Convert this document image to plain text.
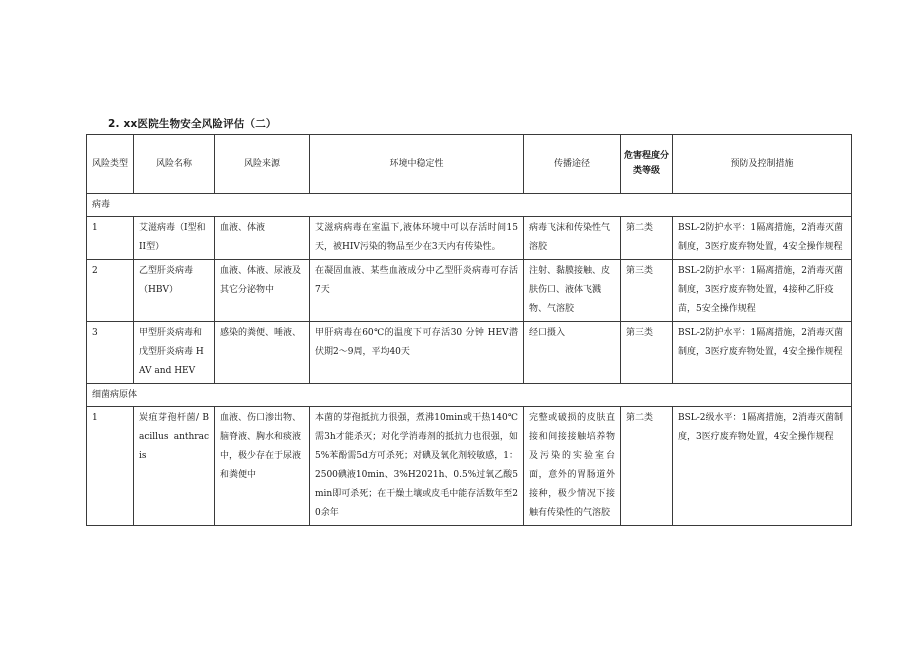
2. xx医院生物安全风险评估（二）
风险类型	风险名称	风险来源	环境中稳定性	传播途径	危害程度分类等级	预防及控制措施
病毒						
1	艾滋病毒（I型和II型）	血液、体液	艾滋病病毒在室温下,液体环境中可以存活时间15天，被HIV污染的物品至少在3天内有传染性。	病毒飞沫和传染性气溶胶	第二类	BSL-2防护水平：1隔离措施，2消毒灭菌制度，3医疗废弃物处置，4安全操作规程
2	乙型肝炎病毒（HBV）	血液、体液、尿液及其它分泌物中	在凝固血液、某些血液成分中乙型肝炎病毒可存活7天	注射、黏膜接触、皮肤伤口、液体飞溅物、气溶胶	第三类	BSL-2防护水平：1隔离措施，2消毒灭菌制度，3医疗废弃物处置，4接种乙肝疫苗，5安全操作规程
3	甲型肝炎病毒和戊型肝炎病毒 HAV and HEV	感染的粪便、唾液、	甲肝病毒在60℃的温度下可存活30 分钟 HEV潜伏期2～9周，平均40天	经口摄入	第三类	BSL-2防护水平：1隔离措施，2消毒灭菌制度，3医疗废弃物处置，4安全操作规程
细菌病原体						
1	炭疽芽孢杆菌/ Bacillus anthracis	血液、伤口渗出物、脑脊液、胸水和痰液中，极少存在于尿液和粪便中	本菌的芽孢抵抗力很强，煮沸10min或干热140℃需3h才能杀灭；对化学消毒剂的抵抗力也很强，如5%苯酚需5d方可杀死；对碘及氧化剂较敏感，1：2500碘液10min、3%H2021h、0.5%过氧乙酸5min即可杀死；在干燥土壤或皮毛中能存活数年至20余年	完整或破损的皮肤直接和间接接触培养物及污染的实验室台面，意外的胃肠道外接种，极少情况下接触有传染性的气溶胶	第二类	BSL-2级水平：1隔离措施，2消毒灭菌制度，3医疗废弃物处置，4安全操作规程
